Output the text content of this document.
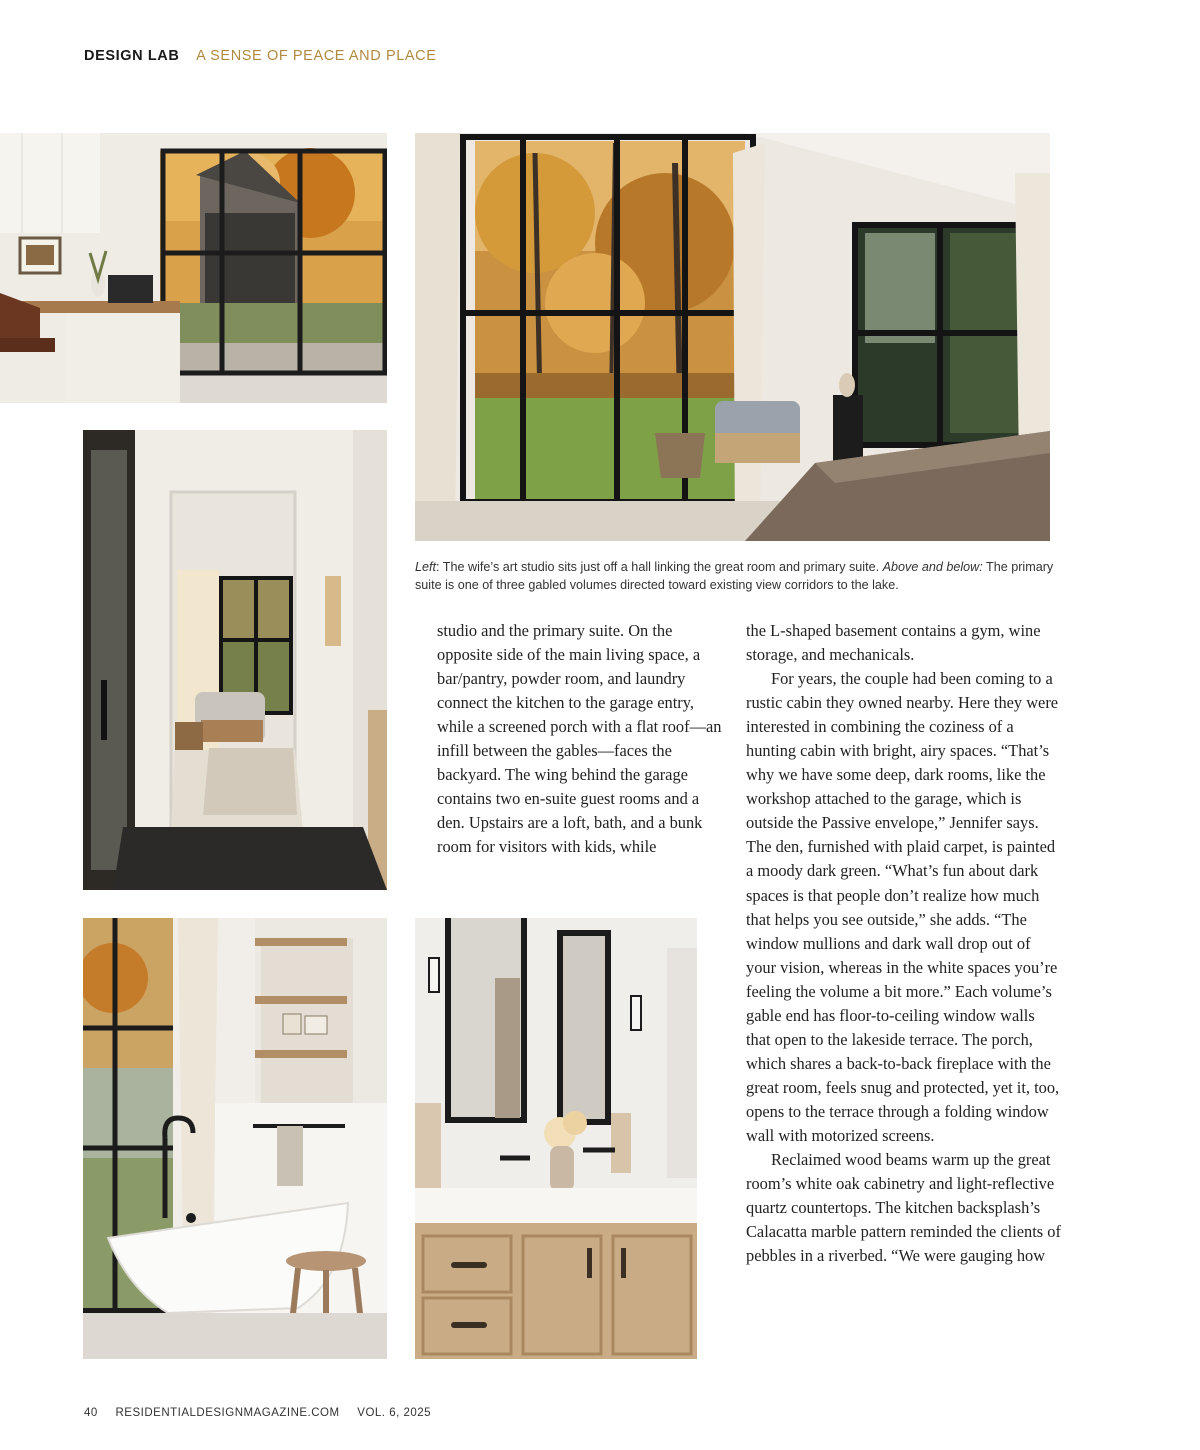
DESIGN LAB A SENSE OF PEACE AND PLACE
Left: The wife’s art studio sits just off a hall linking the great room and primary suite. Above and below: The primary suite is one of three gabled volumes directed toward existing view corridors to the lake.

studio and the primary suite. On the opposite side of the main living space, a bar/pantry, powder room, and laundry connect the kitchen to the garage entry, while a screened porch with a flat roof—an infill between the gables—faces the backyard. The wing behind the garage contains two en-suite guest rooms and a den. Upstairs are a loft, bath, and a bunk room for visitors with kids, while

the L-shaped basement contains a gym, wine storage, and mechanicals.

For years, the couple had been coming to a rustic cabin they owned nearby. Here they were interested in combining the coziness of a hunting cabin with bright, airy spaces. “That’s why we have some deep, dark rooms, like the workshop attached to the garage, which is outside the Passive envelope,” Jennifer says. The den, furnished with plaid carpet, is painted a moody dark green. “What’s fun about dark spaces is that people don’t realize how much that helps you see outside,” she adds. “The window mullions and dark wall drop out of your vision, whereas in the white spaces you’re feeling the volume a bit more.” Each volume’s gable end has floor-to-ceiling window walls that open to the lakeside terrace. The porch, which shares a back-to-back fireplace with the great room, feels snug and protected, yet it, too, opens to the terrace through a folding window wall with motorized screens.

Reclaimed wood beams warm up the great room’s white oak cabinetry and light-reflective quartz countertops. The kitchen backsplash’s Calacatta marble pattern reminded the clients of pebbles in a riverbed. “We were gauging how

40 RESIDENTIALDESIGNMAGAZINE.COM VOL. 6, 2025
